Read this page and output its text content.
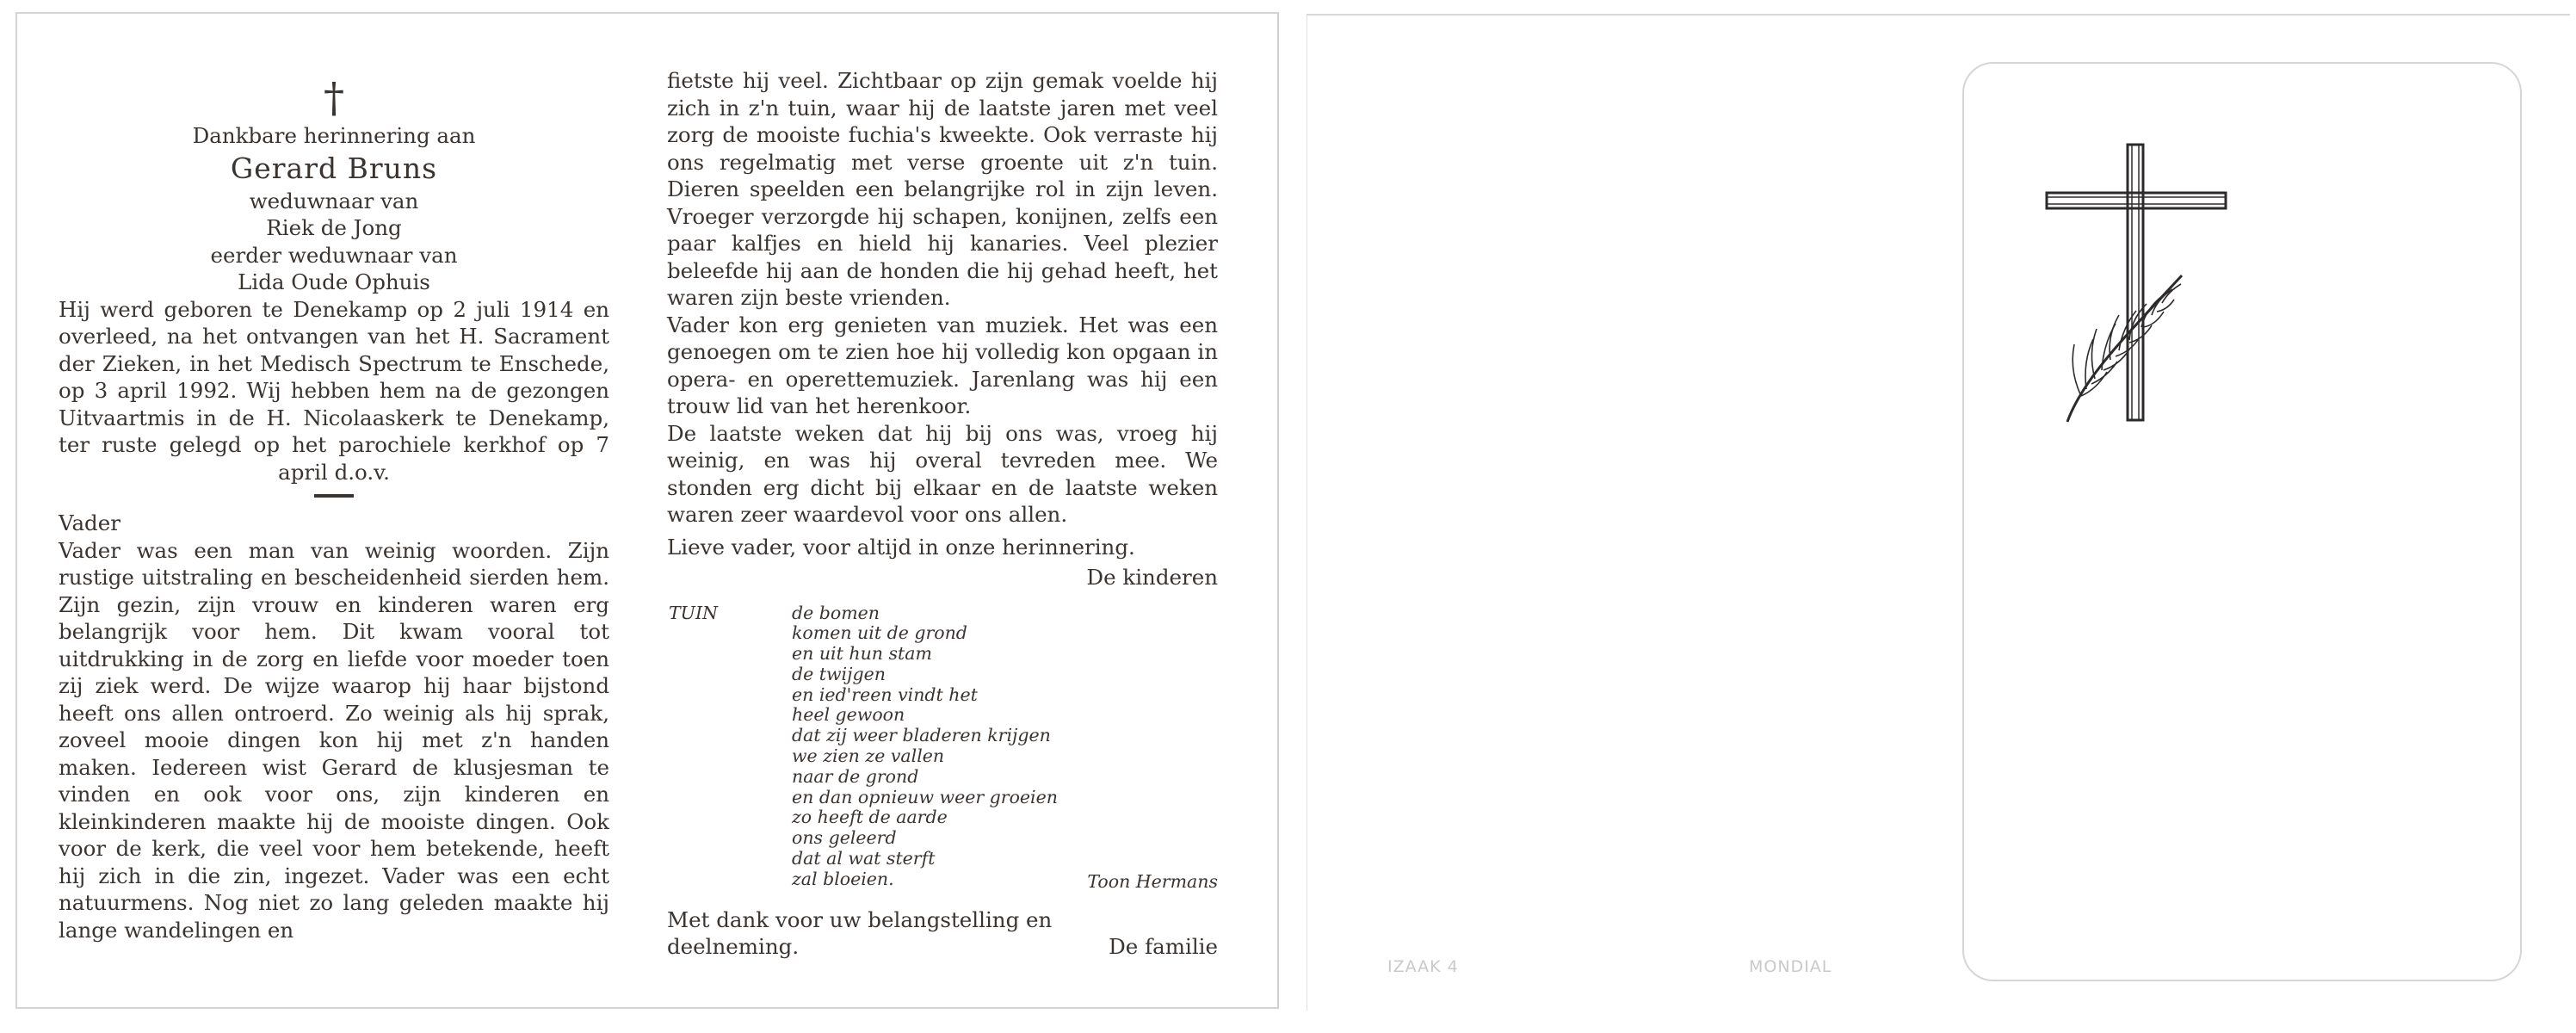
†
Dankbare herinnering aan
Gerard Bruns
weduwnaar van
Riek de Jong
eerder weduwnaar van
Lida Oude Ophuis
Hij werd geboren te Denekamp op 2 juli 1914 en overleed, na het ontvangen van het H. Sacrament der Zieken, in het Medisch Spectrum te Enschede, op 3 april 1992. Wij hebben hem na de gezongen Uitvaartmis in de H. Nicolaaskerk te Denekamp, ter ruste gelegd op het parochiele kerkhof op 7 april d.o.v.
Vader
Vader was een man van weinig woorden. Zijn rustige uitstraling en bescheidenheid sierden hem. Zijn gezin, zijn vrouw en kinderen waren erg belangrijk voor hem. Dit kwam vooral tot uitdrukking in de zorg en liefde voor moeder toen zij ziek werd. De wijze waarop hij haar bijstond heeft ons allen ontroerd. Zo weinig als hij sprak, zoveel mooie dingen kon hij met z'n handen maken. Iedereen wist Gerard de klusjesman te vinden en ook voor ons, zijn kinderen en kleinkinderen maakte hij de mooiste dingen. Ook voor de kerk, die veel voor hem betekende, heeft hij zich in die zin, ingezet. Vader was een echt natuurmens. Nog niet zo lang geleden maakte hij lange wandelingen en
fietste hij veel. Zichtbaar op zijn gemak voelde hij zich in z'n tuin, waar hij de laatste jaren met veel zorg de mooiste fuchia's kweekte. Ook verraste hij ons regelmatig met verse groente uit z'n tuin. Dieren speelden een belangrijke rol in zijn leven. Vroeger verzorgde hij schapen, konijnen, zelfs een paar kalfjes en hield hij kanaries. Veel plezier beleefde hij aan de honden die hij gehad heeft, het waren zijn beste vrienden.
Vader kon erg genieten van muziek. Het was een genoegen om te zien hoe hij volledig kon opgaan in opera- en operettemuziek. Jarenlang was hij een trouw lid van het herenkoor.
De laatste weken dat hij bij ons was, vroeg hij weinig, en was hij overal tevreden mee. We stonden erg dicht bij elkaar en de laatste weken waren zeer waardevol voor ons allen.
Lieve vader, voor altijd in onze herinnering.
De kinderen
TUIN	de bomen
komen uit de grond
en uit hun stam
de twijgen
en ied'reen vindt het
heel gewoon
dat zij weer bladeren krijgen
we zien ze vallen
naar de grond
en dan opnieuw weer groeien
zo heeft de aarde
ons geleerd
dat al wat sterft
zal bloeien.	Toon Hermans
Met dank voor uw belangstelling en deelneming.	De familie
IZAAK 4	MONDIAL
